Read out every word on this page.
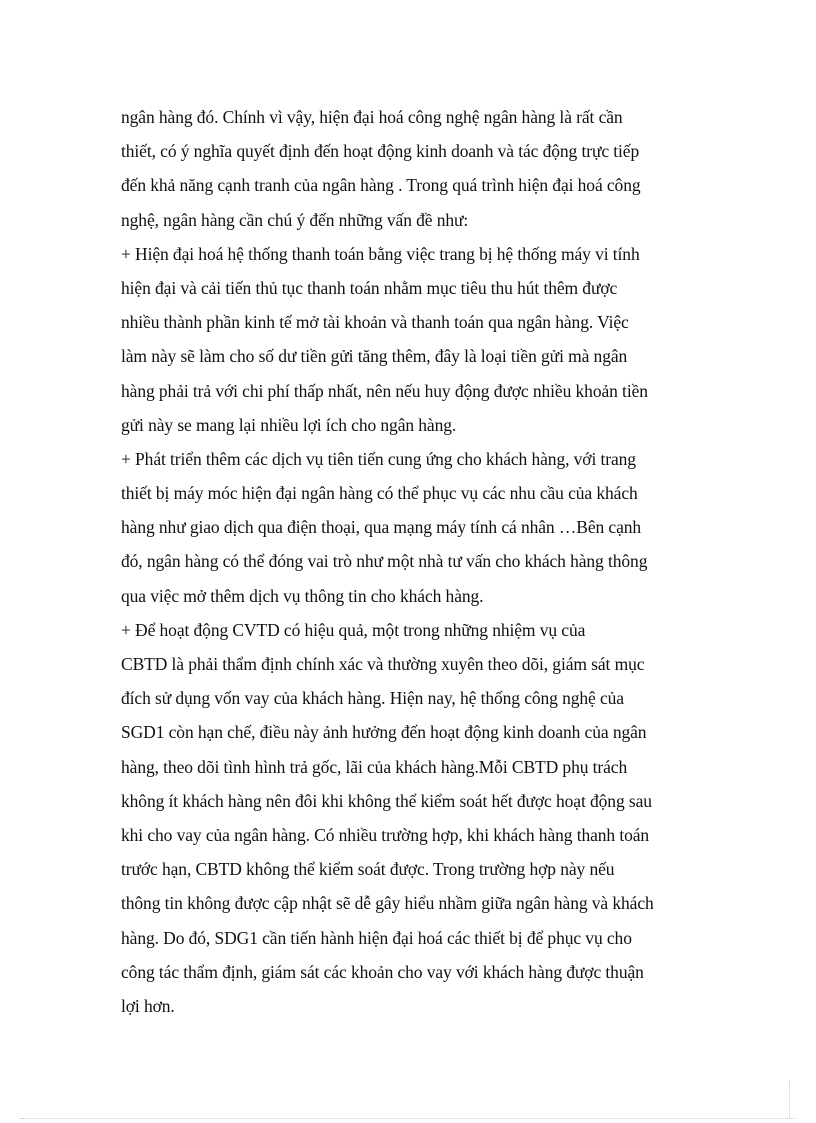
ngân hàng đó. Chính vì vậy, hiện đại hoá công nghệ ngân hàng là rất cần
thiết, có ý nghĩa quyết định đến hoạt động kinh doanh và tác động trực tiếp
đến khả năng cạnh tranh của ngân hàng . Trong quá trình hiện đại hoá công
nghệ, ngân hàng cần chú ý đến những vấn đề như:
+ Hiện đại hoá hệ thống thanh toán bằng việc trang bị hệ thống máy vi tính
hiện đại và cải tiến thủ tục thanh toán nhằm mục tiêu thu hút thêm được
nhiều thành phần kinh tế mở tài khoản và thanh toán qua ngân hàng. Việc
làm này sẽ làm cho số dư tiền gửi tăng thêm, đây là loại tiền gửi mà ngân
hàng phải trả với chi phí thấp nhất, nên nếu huy động được nhiều khoản tiền
gửi này se mang lại nhiều lợi ích cho ngân hàng.
+ Phát triển thêm các dịch vụ tiên tiến cung ứng cho khách hàng, với trang
thiết bị máy móc hiện đại ngân hàng có thể phục vụ các nhu cầu của khách
hàng như giao dịch qua điện thoại, qua mạng máy tính cá nhân …Bên cạnh
đó, ngân hàng có thể đóng vai trò như một nhà tư vấn cho khách hàng thông
qua việc mở thêm dịch vụ thông tin cho khách hàng.
+ Để hoạt động CVTD có hiệu quả, một trong những nhiệm vụ của
CBTD là phải thẩm định chính xác và thường xuyên theo dõi, giám sát mục
đích sử dụng vốn vay của khách hàng. Hiện nay, hệ thống công nghệ của
SGD1 còn hạn chế, điều này ảnh hưởng đến hoạt động kinh doanh của ngân
hàng, theo dõi tình hình trả gốc, lãi của khách hàng.Mỗi CBTD phụ trách
không ít khách hàng nên đôi khi không thể kiểm soát hết được hoạt động sau
khi cho vay của ngân hàng. Có nhiều trường hợp, khi khách hàng thanh toán
trước hạn, CBTD không thể kiểm soát được. Trong trường hợp này nếu
thông tin không được cập nhật sẽ dễ gây hiểu nhầm giữa ngân hàng và khách
hàng. Do đó, SDG1 cần tiến hành hiện đại hoá các thiết bị để phục vụ cho
công tác thẩm định, giám sát các khoản cho vay với khách hàng được thuận
lợi hơn.
